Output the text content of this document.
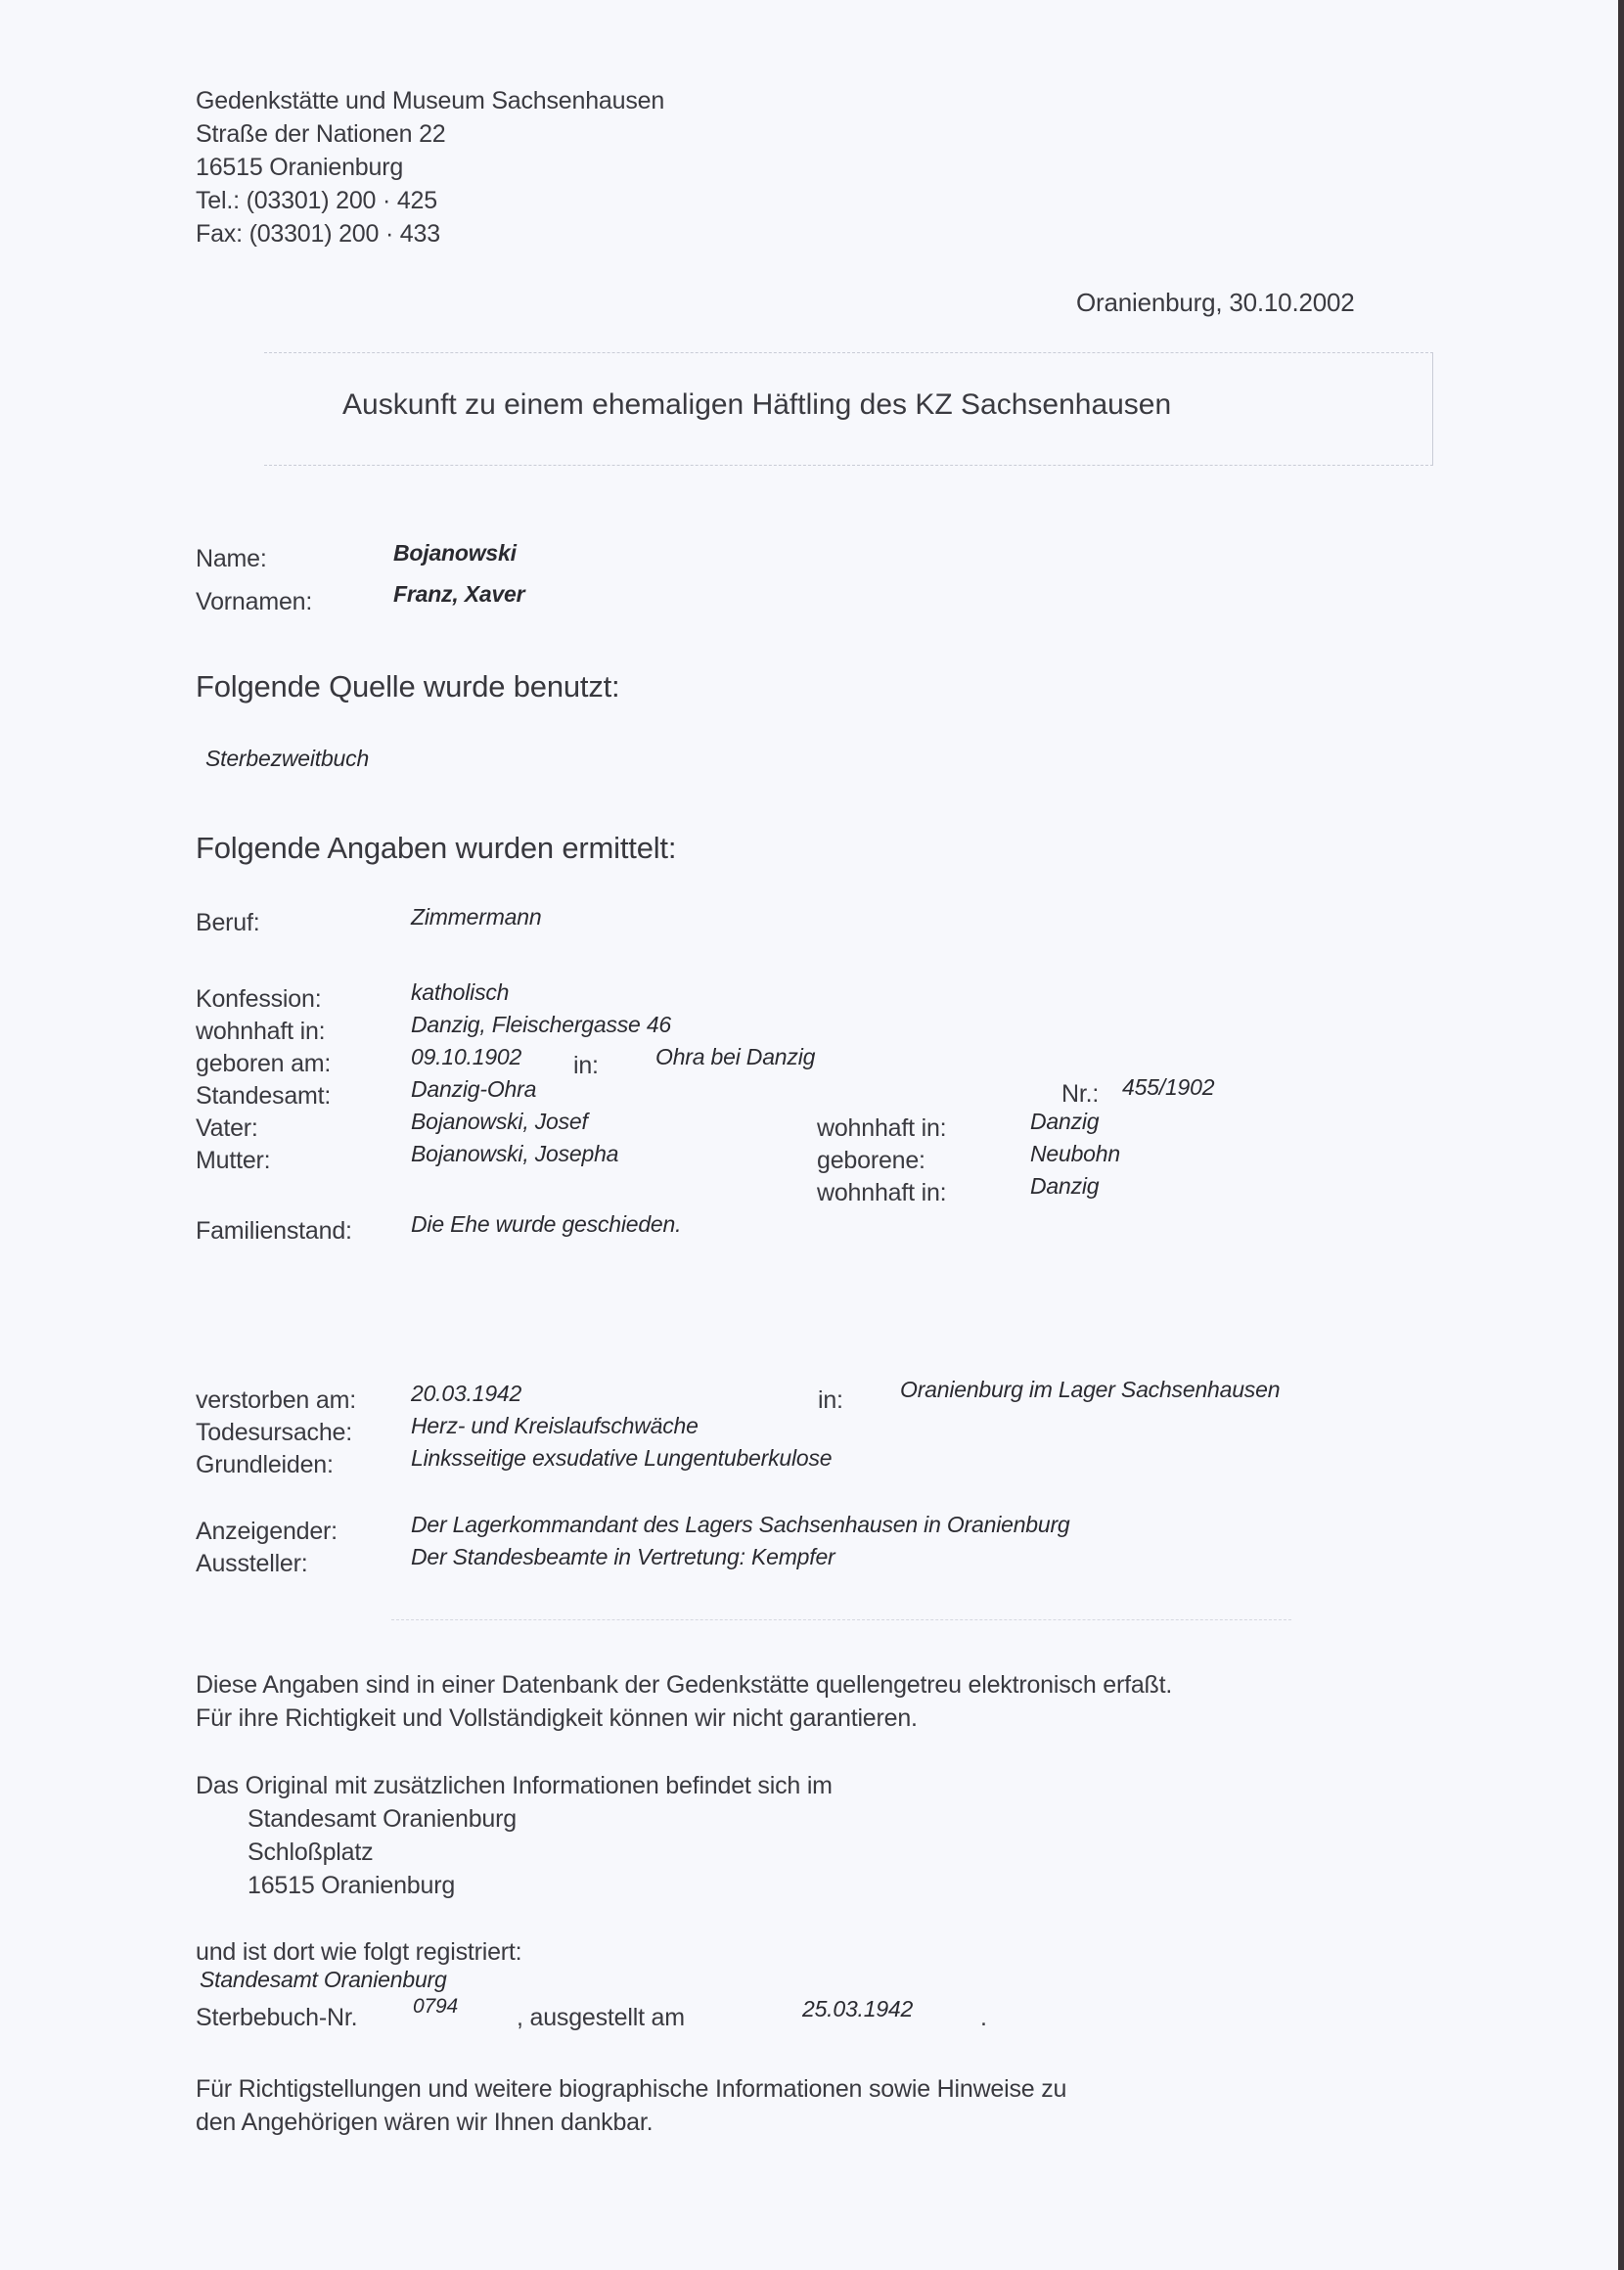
Gedenkstätte und Museum Sachsenhausen
Straße der Nationen 22
16515 Oranienburg
Tel.: (03301) 200 · 425
Fax: (03301) 200 · 433
Oranienburg, 30.10.2002
Auskunft zu einem ehemaligen Häftling des KZ Sachsenhausen
Name:	Bojanowski
Vornamen:	Franz, Xaver
Folgende Quelle wurde benutzt:
Sterbezweitbuch
Folgende Angaben wurden ermittelt:
Beruf:	Zimmermann
Konfession:	katholisch
wohnhaft in:	Danzig, Fleischergasse 46
geboren am:	09.10.1902 in:	Ohra bei Danzig
Standesamt:	Danzig-Ohra	Nr.: 455/1902
Vater:	Bojanowski, Josef	wohnhaft in:	Danzig
Mutter:	Bojanowski, Josepha	geborene:	Neubohn
wohnhaft in:	Danzig
Familienstand:	Die Ehe wurde geschieden.
verstorben am: 20.03.1942	in:	Oranienburg im Lager Sachsenhausen
Todesursache:	Herz- und Kreislaufschwäche
Grundleiden:	Linksseitige exsudative Lungentuberkulose
Anzeigender:	Der Lagerkommandant des Lagers Sachsenhausen in Oranienburg
Aussteller:	Der Standesbeamte in Vertretung: Kempfer
Diese Angaben sind in einer Datenbank der Gedenkstätte quellengetreu elektronisch erfaßt.
Für ihre Richtigkeit und Vollständigkeit können wir nicht garantieren.
Das Original mit zusätzlichen Informationen befindet sich im
Standesamt Oranienburg
Schloßplatz
16515 Oranienburg
und ist dort wie folgt registriert:
Standesamt Oranienburg
Sterbebuch-Nr.	0794 , ausgestellt am	25.03.1942	.
Für Richtigstellungen und weitere biographische Informationen sowie Hinweise zu
den Angehörigen wären wir Ihnen dankbar.
